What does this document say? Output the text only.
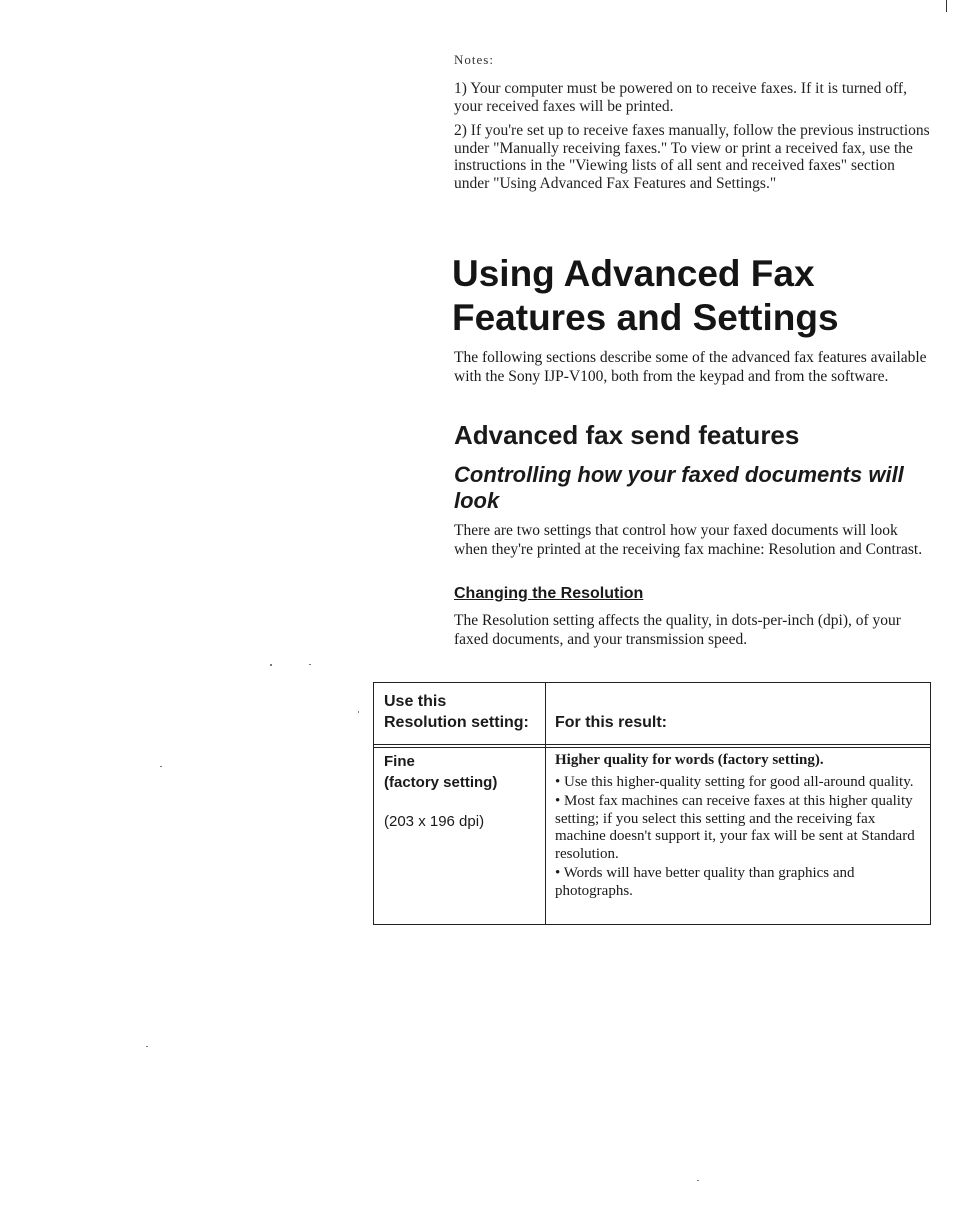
Notes:

1) Your computer must be powered on to receive faxes. If it is turned off, your received faxes will be printed.

2) If you're set up to receive faxes manually, follow the previous instructions under "Manually receiving faxes." To view or print a received fax, use the instructions in the "Viewing lists of all sent and received faxes" section under "Using Advanced Fax Features and Settings."

Using Advanced Fax Features and Settings

The following sections describe some of the advanced fax features available with the Sony IJP-V100, both from the keypad and from the software.

Advanced fax send features
Controlling how your faxed documents will look

There are two settings that control how your faxed documents will look when they're printed at the receiving fax machine: Resolution and Contrast.

Changing the Resolution

The Resolution setting affects the quality, in dots-per-inch (dpi), of your faxed documents, and your transmission speed.

Use this
Resolution setting: For this result:
Fine
(factory setting)
(203 x 196 dpi)

Higher quality for words (factory setting).

• Use this higher-quality setting for good all-around quality.

• Most fax machines can receive faxes at this higher quality setting; if you select this setting and the receiving fax machine doesn't support it, your fax will be sent at Standard resolution.

• Words will have better quality than graphics and photographs.
